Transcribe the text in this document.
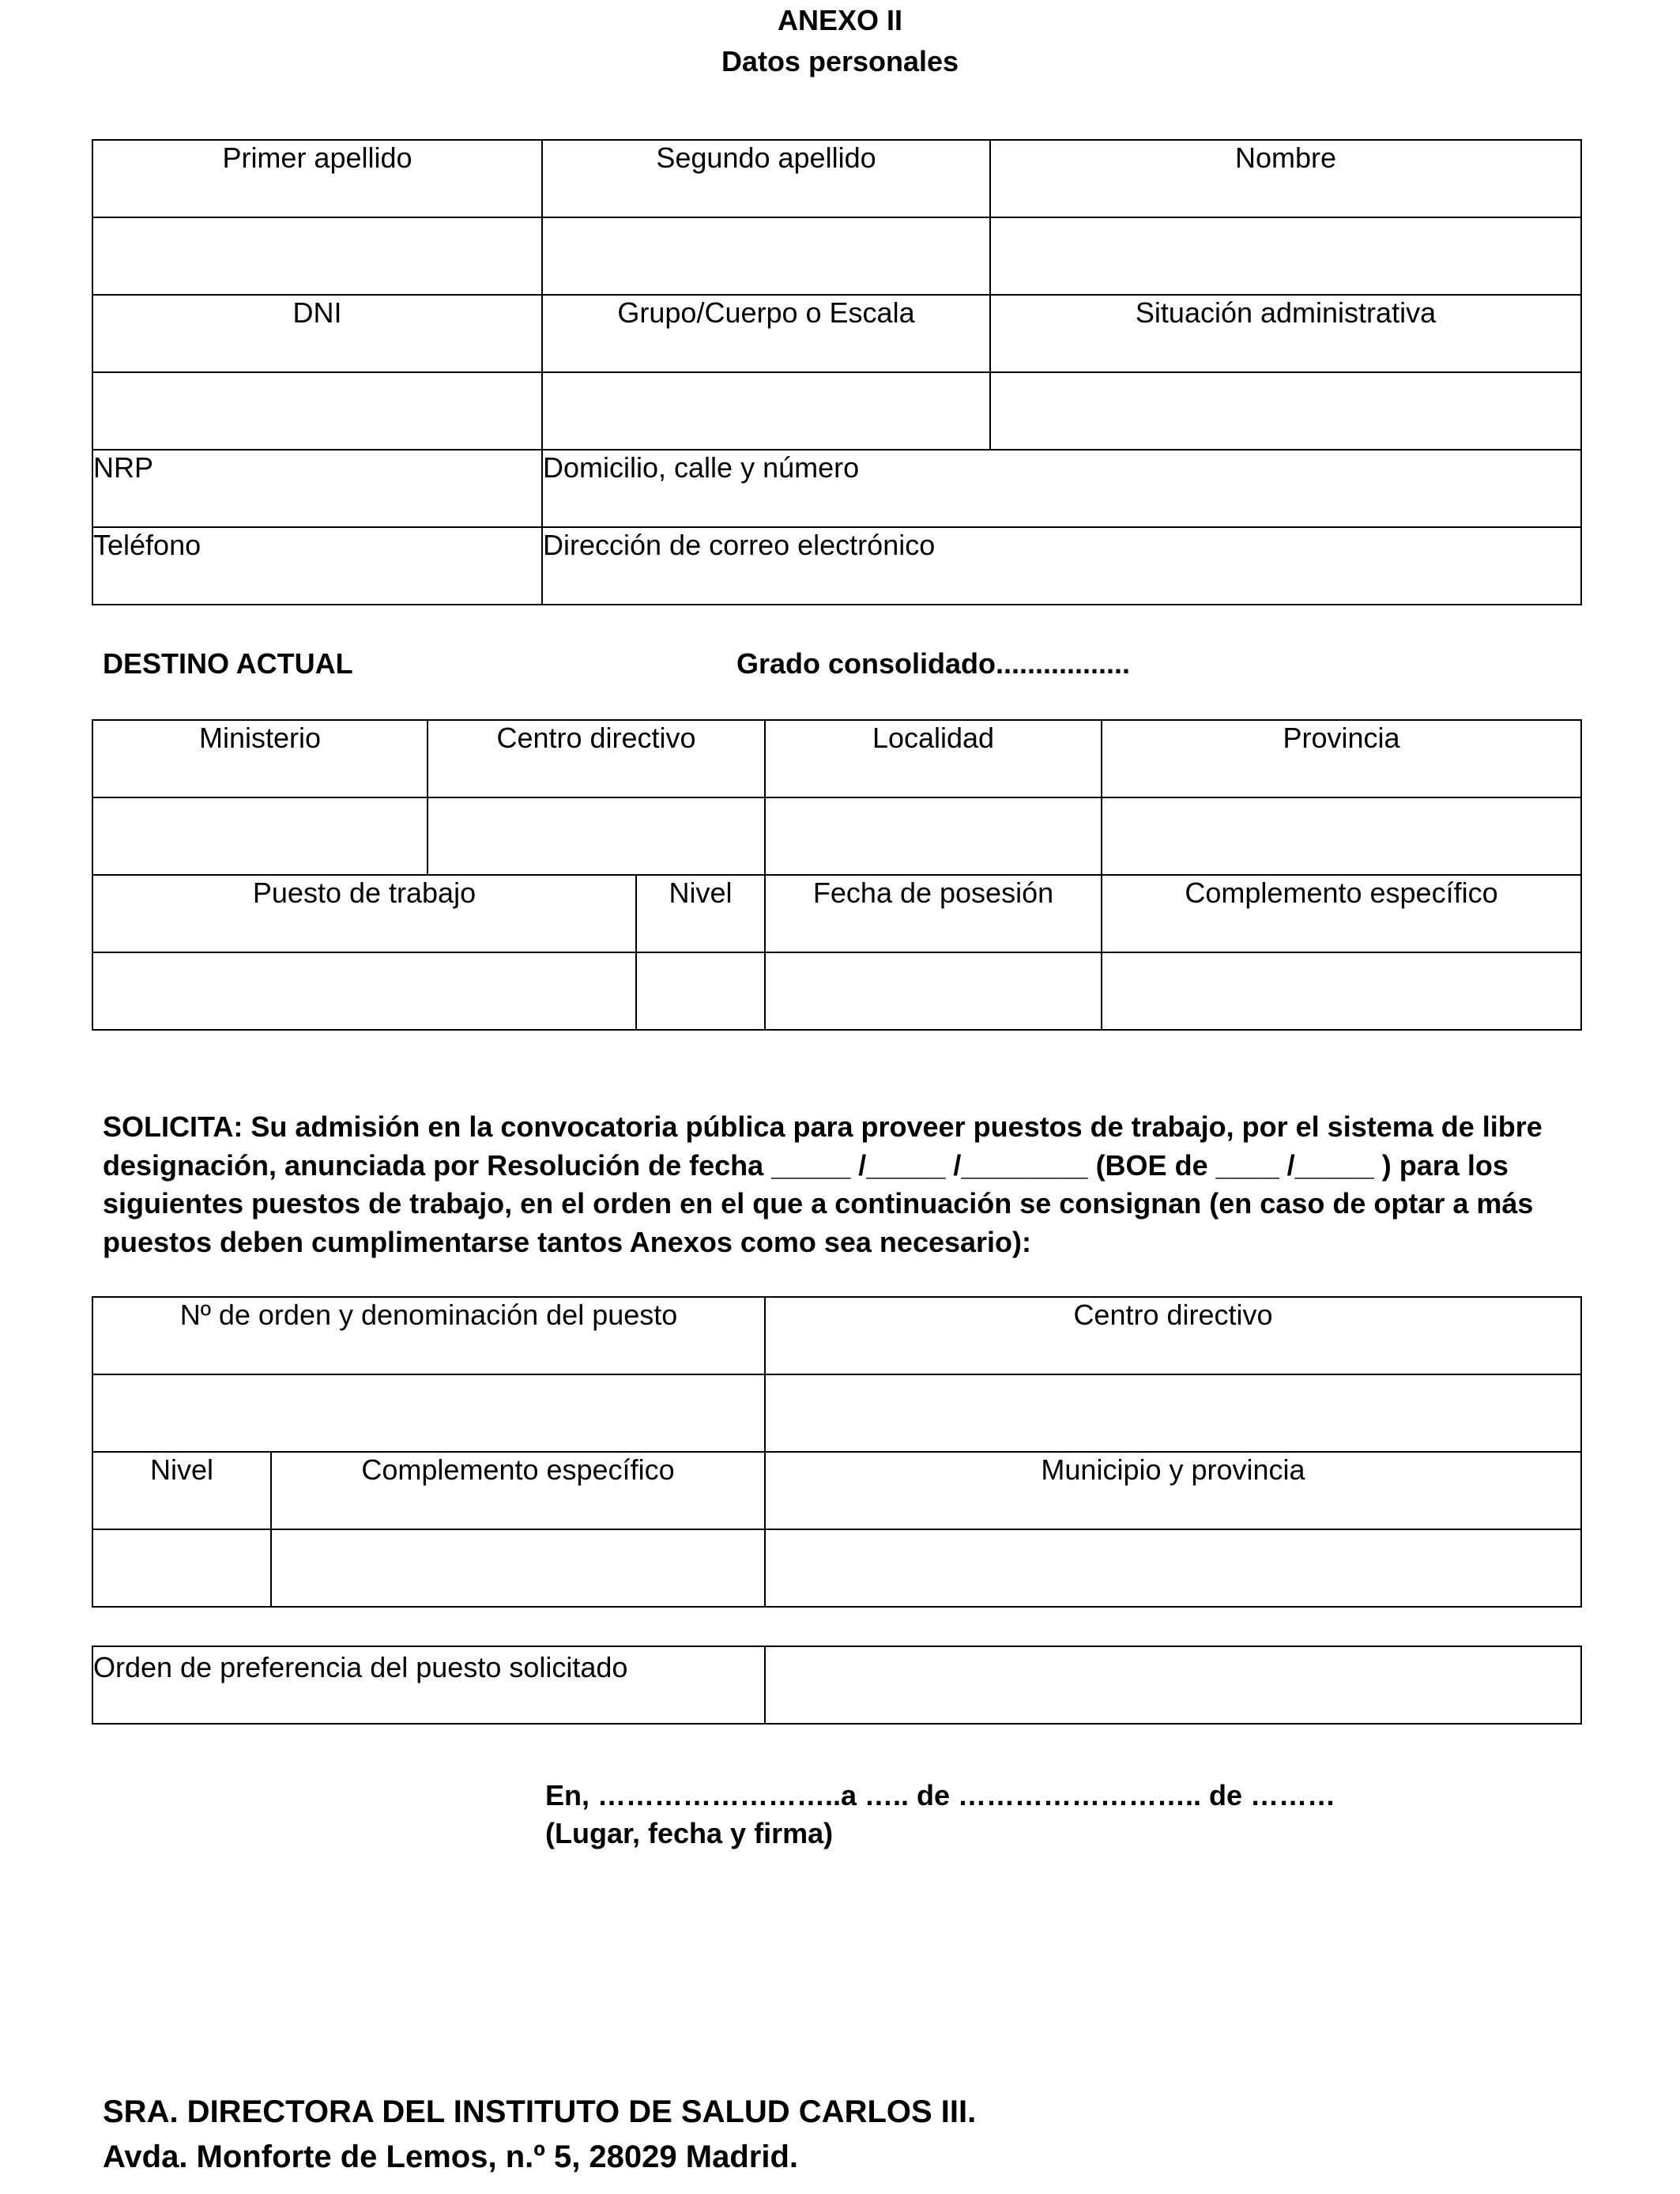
ANEXO II
Datos personales
Primer apellido	Segundo apellido	Nombre

DNI	Grupo/Cuerpo o Escala	Situación administrativa

NRP	Domicilio, calle y número	
Teléfono	Dirección de correo electrónico	
DESTINO ACTUAL	Grado consolidado.................
Ministerio	Centro directivo		Localidad	Provincia

Puesto de trabajo		Nivel	Fecha de posesión	Complemento específico

SOLICITA: Su admisión en la convocatoria pública para proveer puestos de trabajo, por el sistema de libre designación, anunciada por Resolución de fecha _____ /_____ /________ (BOE de ____ /_____ ) para los siguientes puestos de trabajo, en el orden en el que a continuación se consignan (en caso de optar a más puestos deben cumplimentarse tantos Anexos como sea necesario):
Nº de orden y denominación del puesto		Centro directivo

Nivel	Complemento específico	Municipio y provincia

Orden de preferencia del puesto solicitado	
En, ……………………..a ….. de …………………….. de ………
(Lugar, fecha y firma)
SRA. DIRECTORA DEL INSTITUTO DE SALUD CARLOS III.
Avda. Monforte de Lemos, n.º 5, 28029 Madrid.
